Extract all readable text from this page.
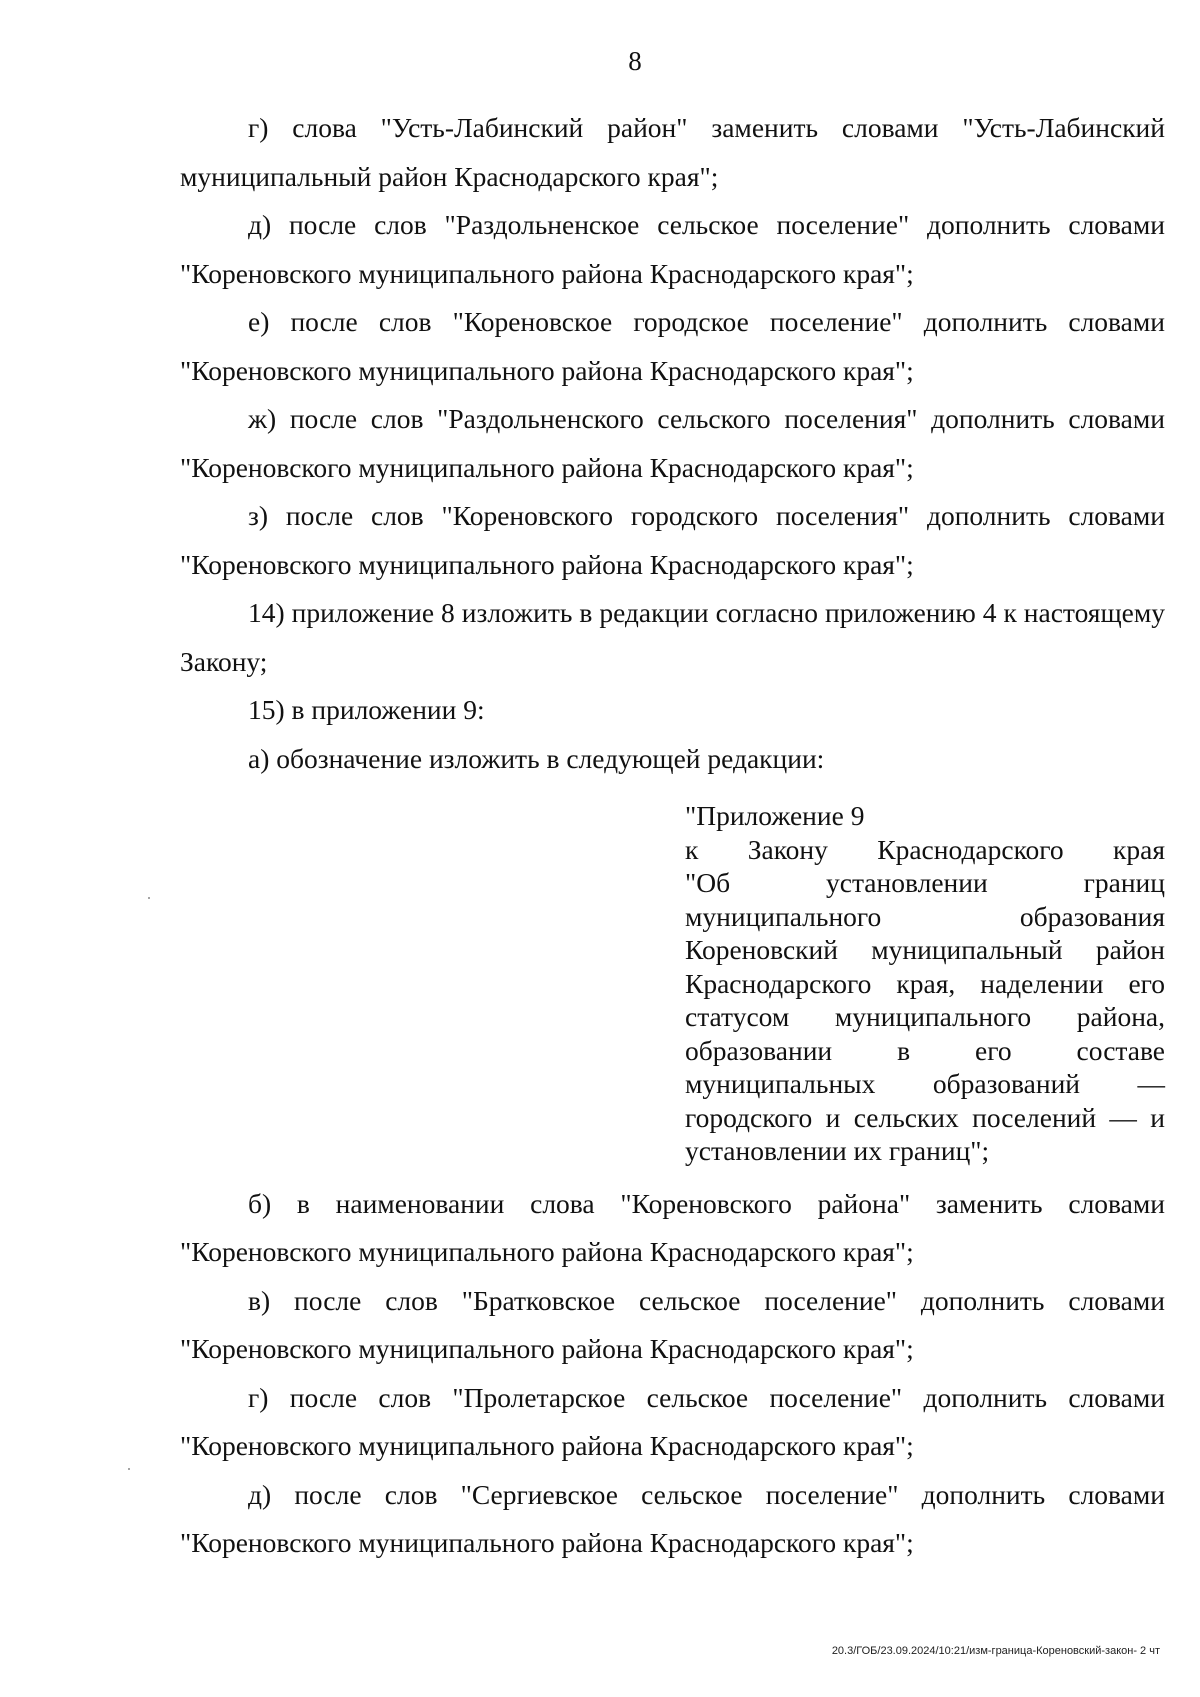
8

г) слова "Усть-Лабинский район" заменить словами "Усть-Лабинский муниципальный район Краснодарского края";

д) после слов "Раздольненское сельское поселение" дополнить словами "Кореновского муниципального района Краснодарского края";

е) после слов "Кореновское городское поселение" дополнить словами "Кореновского муниципального района Краснодарского края";

ж) после слов "Раздольненского сельского поселения" дополнить словами "Кореновского муниципального района Краснодарского края";

з) после слов "Кореновского городского поселения" дополнить словами "Кореновского муниципального района Краснодарского края";

14) приложение 8 изложить в редакции согласно приложению 4 к настоящему Закону;

15) в приложении 9:

а) обозначение изложить в следующей редакции:

"Приложение 9

к Закону Краснодарского края

"Об установлении границ муниципального образования Кореновский муниципальный район Краснодарского края, наделении его статусом муниципального района, образовании в его составе муниципальных образований — городского и сельских поселений — и установлении их границ";

б) в наименовании слова "Кореновского района" заменить словами "Кореновского муниципального района Краснодарского края";

в) после слов "Братковское сельское поселение" дополнить словами "Кореновского муниципального района Краснодарского края";

г) после слов "Пролетарское сельское поселение" дополнить словами "Кореновского муниципального района Краснодарского края";

д) после слов "Сергиевское сельское поселение" дополнить словами "Кореновского муниципального района Краснодарского края";

20.3/ГОБ/23.09.2024/10:21/изм-граница-Кореновский-закон- 2 чт
